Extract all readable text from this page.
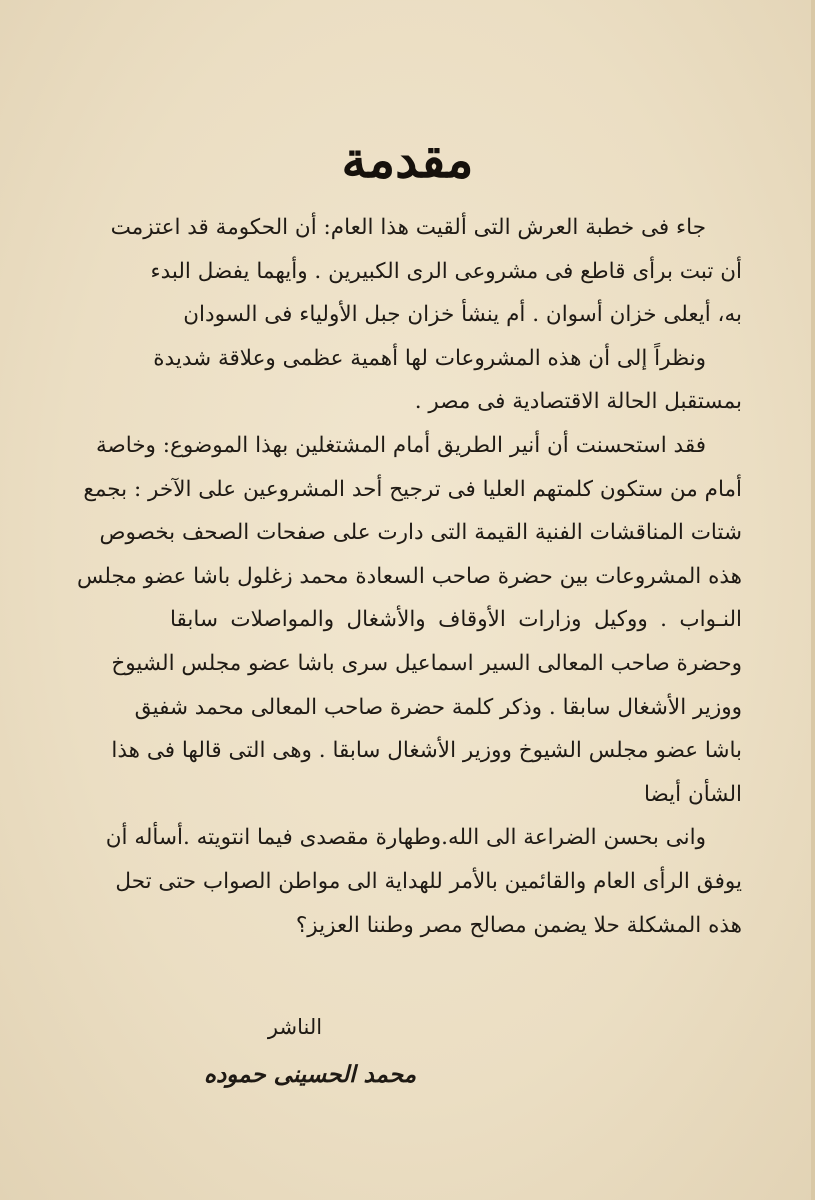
مقدمة
جاء فى خطبة العرش التى ألقيت هذا العام: أن الحكومة قد اعتزمت
أن تبت برأى قاطع فى مشروعى الرى الكبيرين . وأيهما يفضل البدء
به، أيعلى خزان أسوان . أم ينشأ خزان جبل الأولياء فى السودان
ونظراً إلى أن هذه المشروعات لها أهمية عظمى وعلاقة شديدة
بمستقبل الحالة الاقتصادية فى مصر .
فقد استحسنت أن أنير الطريق أمام المشتغلين بهذا الموضوع: وخاصة
أمام من ستكون كلمتهم العليا فى ترجيح أحد المشروعين على الآخر : بجمع
شتات المناقشات الفنية القيمة التى دارت على صفحات الصحف بخصوص
هذه المشروعات بين حضرة صاحب السعادة محمد زغلول باشا عضو مجلس
النـواب . ووكيل وزارات الأوقاف والأشغال والمواصلات سابقا
وحضرة صاحب المعالى السير اسماعيل سرى باشا عضو مجلس الشيوخ
ووزير الأشغال سابقا . وذكر كلمة حضرة صاحب المعالى محمد شفيق
باشا عضو مجلس الشيوخ ووزير الأشغال سابقا . وهى التى قالها فى هذا
الشأن أيضا
وانى بحسن الضراعة الى الله.وطهارة مقصدى فيما انتويته .أسأله أن
يوفق الرأى العام والقائمين بالأمر للهداية الى مواطن الصواب حتى تحل
هذه المشكلة حلا يضمن مصالح مصر وطننا العزيز؟
الناشر
محمد الحسينى حموده
